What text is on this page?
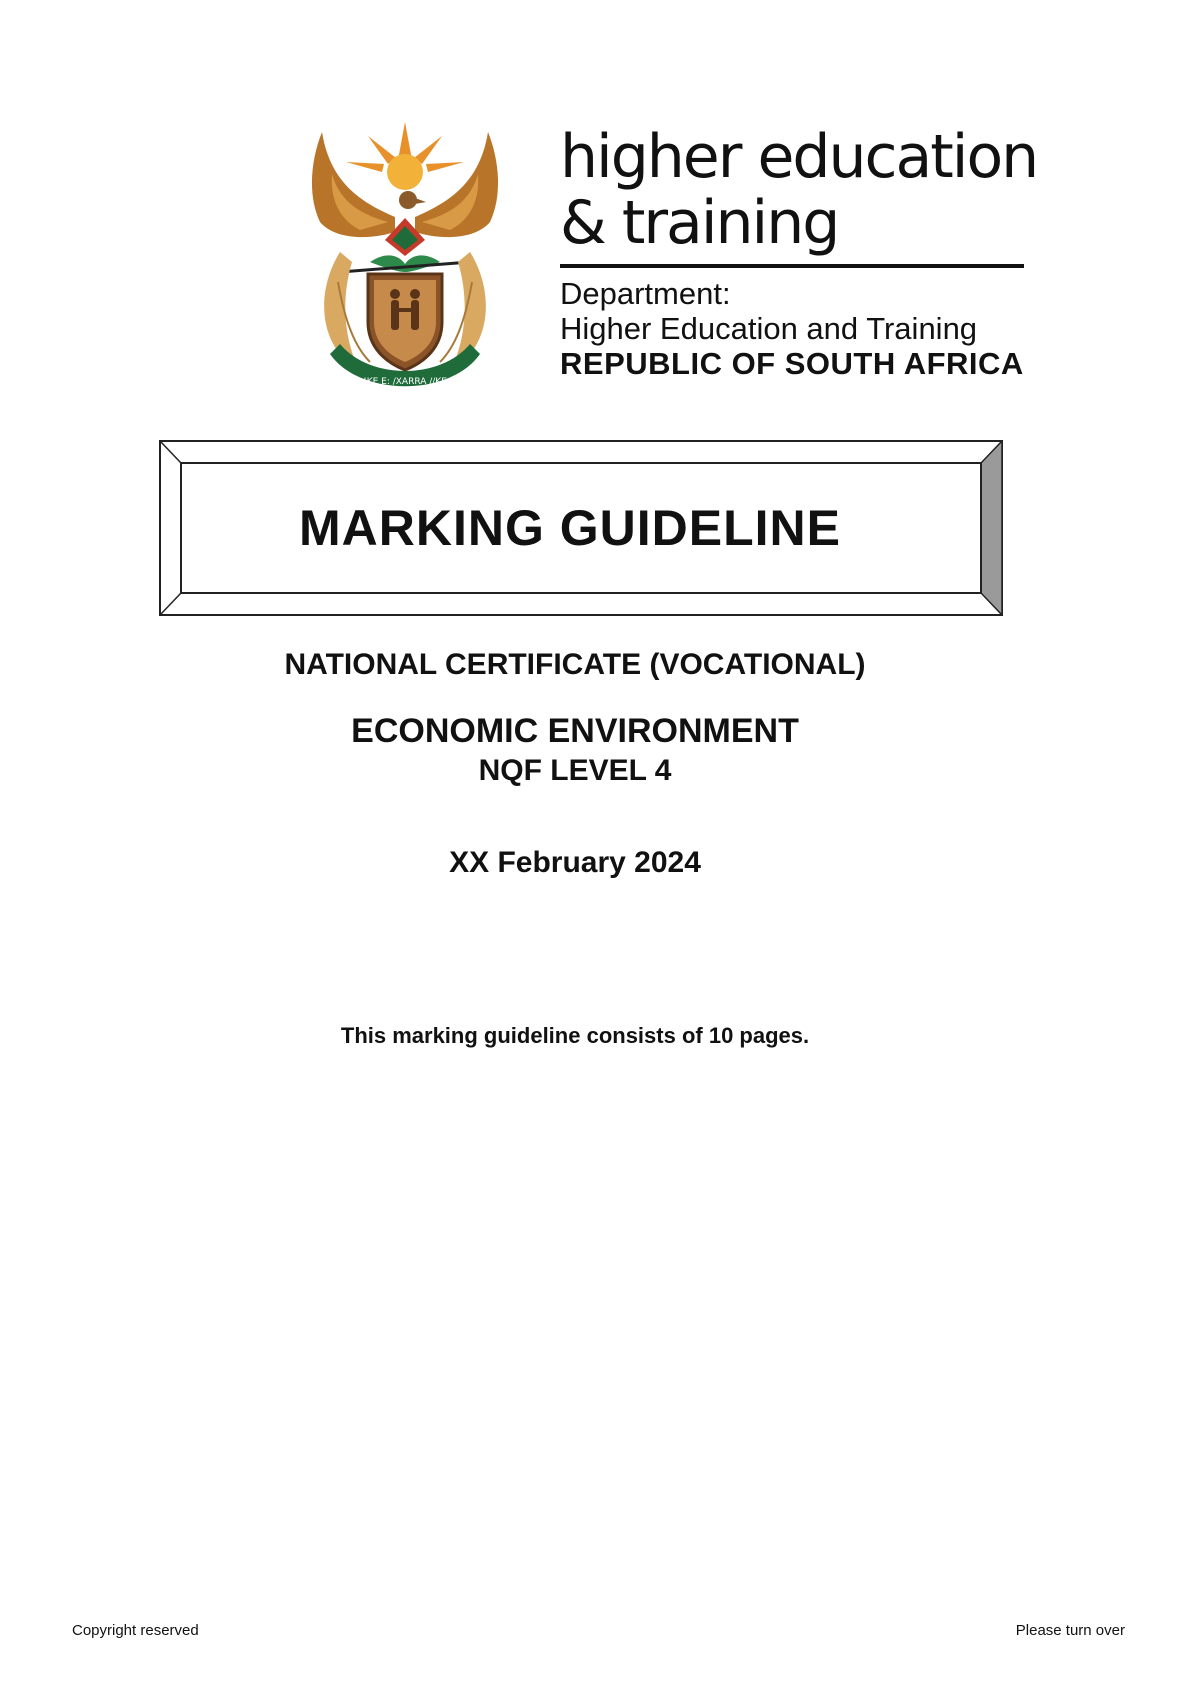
!KE E: /XARRA //KE
higher education
& training
Department:
Higher Education and Training
REPUBLIC OF SOUTH AFRICA
MARKING GUIDELINE
NATIONAL CERTIFICATE (VOCATIONAL)
ECONOMIC ENVIRONMENT
NQF LEVEL 4
XX February 2024
This marking guideline consists of 10 pages.
Copyright reserved	Please turn over
